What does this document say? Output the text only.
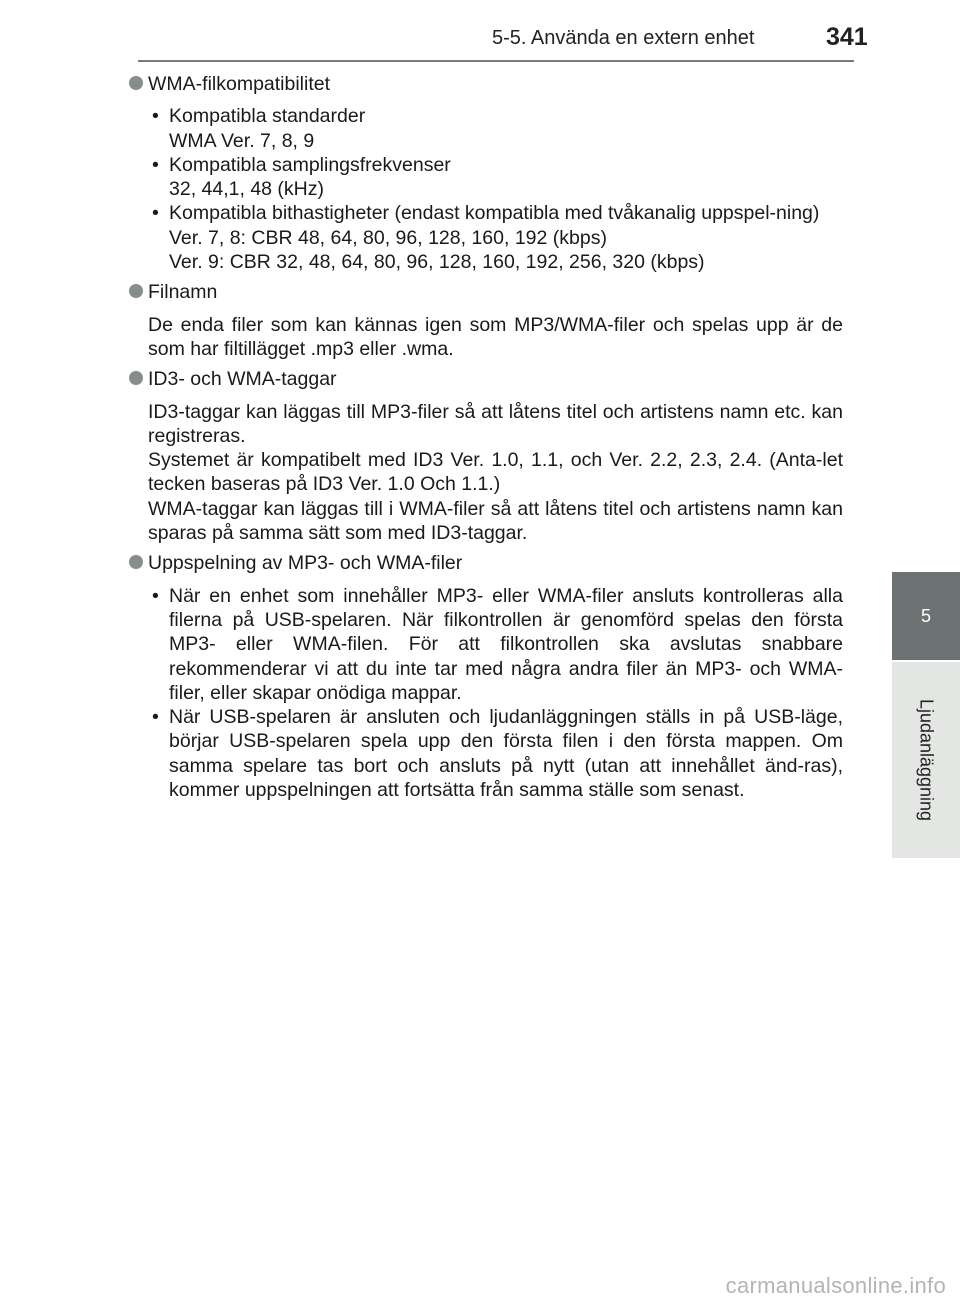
5-5. Använda en extern enhet	341
5
Ljudanläggning
WMA-filkompatibilitet
• Kompatibla standarder
WMA Ver. 7, 8, 9
• Kompatibla samplingsfrekvenser
32, 44,1, 48 (kHz)
• Kompatibla bithastigheter (endast kompatibla med tvåkanalig uppspel-ning)
Ver. 7, 8: CBR 48, 64, 80, 96, 128, 160, 192 (kbps)
Ver. 9: CBR 32, 48, 64, 80, 96, 128, 160, 192, 256, 320 (kbps)
Filnamn

De enda filer som kan kännas igen som MP3/WMA-filer och spelas upp är de som har filtillägget .mp3 eller .wma.

ID3- och WMA-taggar

ID3-taggar kan läggas till MP3-filer så att låtens titel och artistens namn etc. kan registreras.

Systemet är kompatibelt med ID3 Ver. 1.0, 1.1, och Ver. 2.2, 2.3, 2.4. (Anta-let tecken baseras på ID3 Ver. 1.0 Och 1.1.)

WMA-taggar kan läggas till i WMA-filer så att låtens titel och artistens namn kan sparas på samma sätt som med ID3-taggar.

Uppspelning av MP3- och WMA-filer
• När en enhet som innehåller MP3- eller WMA-filer ansluts kontrolleras alla filerna på USB-spelaren. När filkontrollen är genomförd spelas den första MP3- eller WMA-filen. För att filkontrollen ska avslutas snabbare rekommenderar vi att du inte tar med några andra filer än MP3- och WMA-filer, eller skapar onödiga mappar.
• När USB-spelaren är ansluten och ljudanläggningen ställs in på USB-läge, börjar USB-spelaren spela upp den första filen i den första mappen. Om samma spelare tas bort och ansluts på nytt (utan att innehållet änd-ras), kommer uppspelningen att fortsätta från samma ställe som senast.
carmanualsonline.info
